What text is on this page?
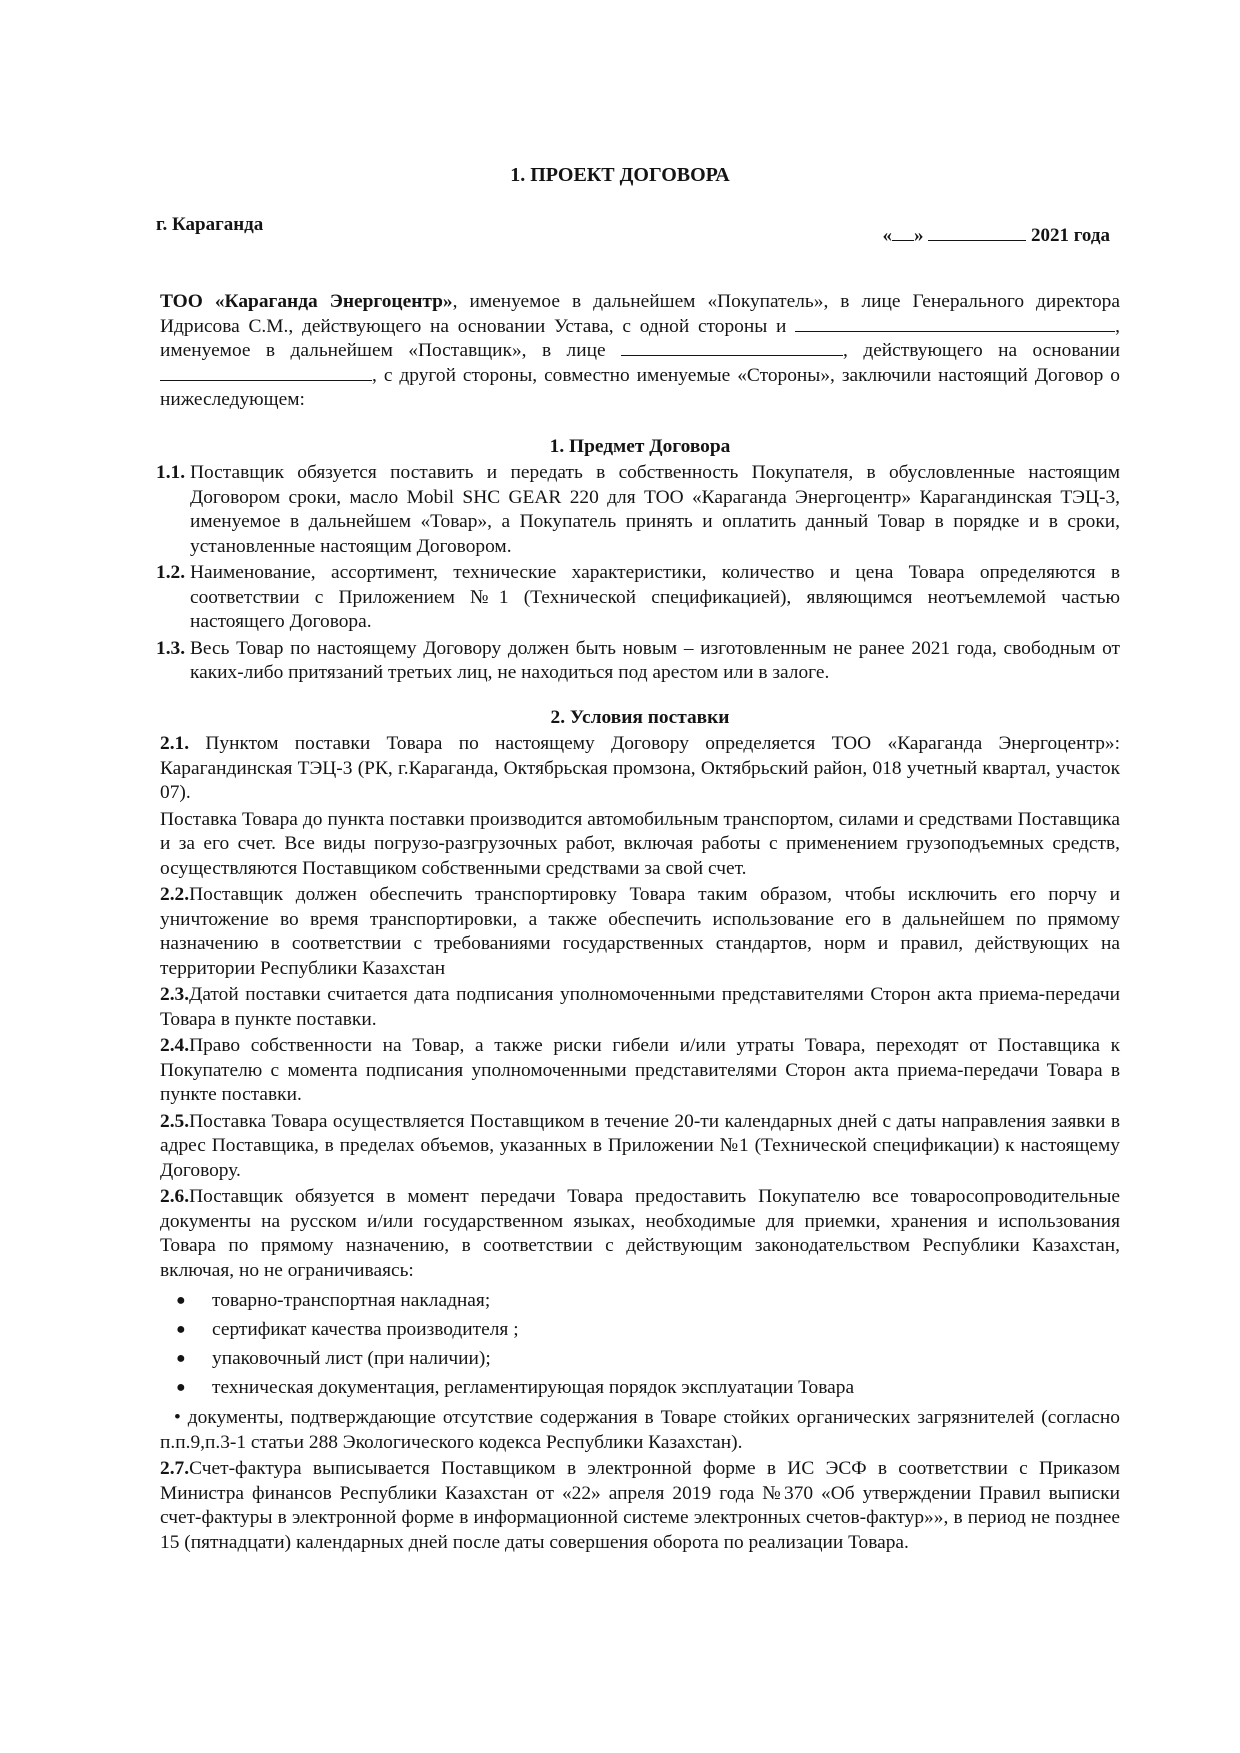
1. ПРОЕКТ ДОГОВОРА
г. Караганда
« »	2021 года

ТОО «Караганда Энергоцентр», именуемое в дальнейшем «Покупатель», в лице Генерального директора Идрисова С.М., действующего на основании Устава, с одной стороны и	, именуемое в дальнейшем «Поставщик», в лице	, действующего на основании , с другой стороны, совместно именуемые «Стороны», заключили настоящий Договор о нижеследующем:

1. Предмет Договора
1.1. Поставщик обязуется поставить и передать в собственность Покупателя, в обусловленные настоящим Договором сроки, масло Mobil SHC GEAR 220 для ТОО «Караганда Энергоцентр» Карагандинская ТЭЦ-3, именуемое в дальнейшем «Товар», а Покупатель принять и оплатить данный Товар в порядке и в сроки, установленные настоящим Договором.
1.2. Наименование, ассортимент, технические характеристики, количество и цена Товара определяются в соответствии с Приложением №1 (Технической спецификацией), являющимся неотъемлемой частью настоящего Договора.
1.3. Весь Товар по настоящему Договору должен быть новым – изготовленным не ранее 2021 года, свободным от каких-либо притязаний третьих лиц, не находиться под арестом или в залоге.
2. Условия поставки

2.1. Пунктом поставки Товара по настоящему Договору определяется ТОО «Караганда Энергоцентр»: Карагандинская ТЭЦ-3 (РК, г.Караганда, Октябрьская промзона, Октябрьский район, 018 учетный квартал, участок 07).

Поставка Товара до пункта поставки производится автомобильным транспортом, силами и средствами Поставщика и за его счет. Все виды погрузо-разгрузочных работ, включая работы с применением грузоподъемных средств, осуществляются Поставщиком собственными средствами за свой счет.

2.2.Поставщик должен обеспечить транспортировку Товара таким образом, чтобы исключить его порчу и уничтожение во время транспортировки, а также обеспечить использование его в дальнейшем по прямому назначению в соответствии с требованиями государственных стандартов, норм и правил, действующих на территории Республики Казахстан

2.3.Датой поставки считается дата подписания уполномоченными представителями Сторон акта приема-передачи Товара в пункте поставки.

2.4.Право собственности на Товар, а также риски гибели и/или утраты Товара, переходят от Поставщика к Покупателю с момента подписания уполномоченными представителями Сторон акта приема-передачи Товара в пункте поставки.

2.5.Поставка Товара осуществляется Поставщиком в течение 20-ти календарных дней с даты направления заявки в адрес Поставщика, в пределах объемов, указанных в Приложении №1 (Технической спецификации) к настоящему Договору.

2.6.Поставщик обязуется в момент передачи Товара предоставить Покупателю все товаросопроводительные документы на русском и/или государственном языках, необходимые для приемки, хранения и использования Товара по прямому назначению, в соответствии с действующим законодательством Республики Казахстан, включая, но не ограничиваясь:

●	товарно-транспортная накладная;
●	сертификат качества производителя ;
●	упаковочный лист (при наличии);
●	техническая документация, регламентирующая порядок эксплуатации Товара

• документы, подтверждающие отсутствие содержания в Товаре стойких органических загрязнителей (согласно п.п.9,п.3-1 статьи 288 Экологического кодекса Республики Казахстан).

2.7.Счет-фактура выписывается Поставщиком в электронной форме в ИС ЭСФ в соответствии с Приказом Министра финансов Республики Казахстан от «22» апреля 2019 года №370 «Об утверждении Правил выписки счет-фактуры в электронной форме в информационной системе электронных счетов-фактур»», в период не позднее 15 (пятнадцати) календарных дней после даты совершения оборота по реализации Товара.
